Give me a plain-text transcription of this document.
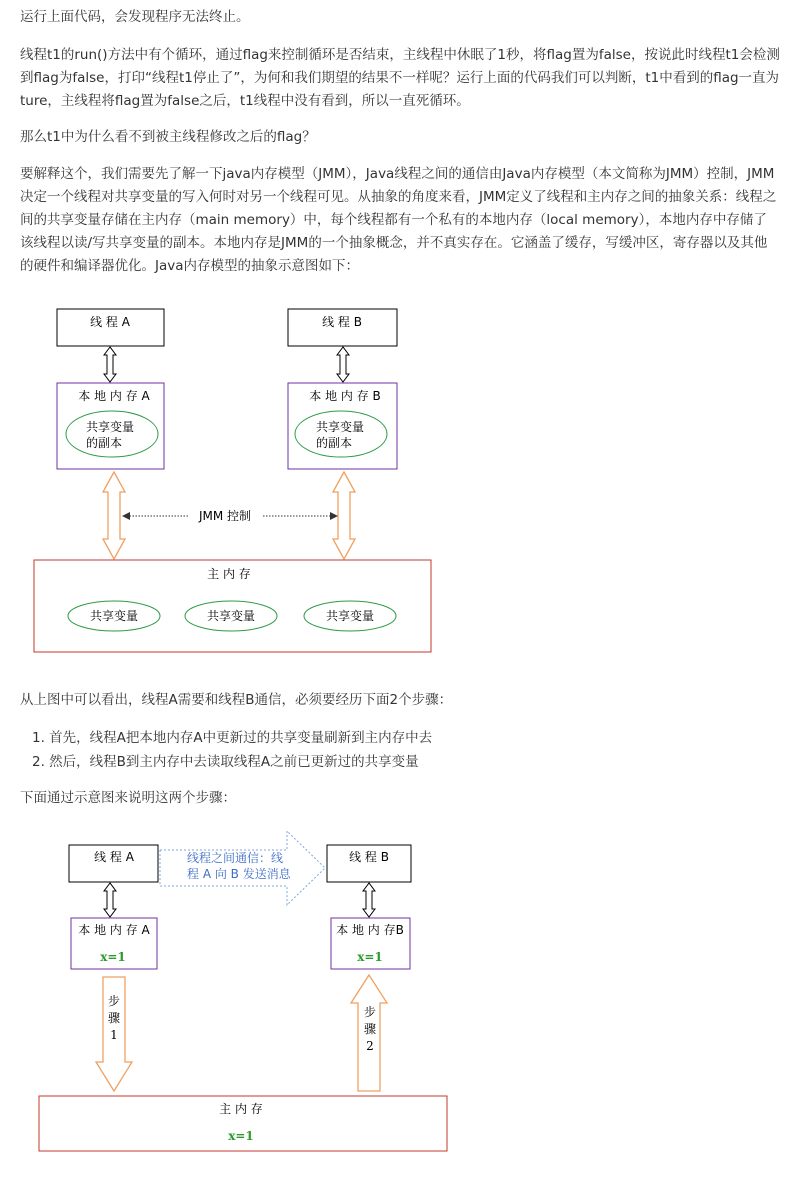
运行上面代码，会发现程序无法终止。

线程t1的run()方法中有个循环，通过flag来控制循环是否结束，主线程中休眠了1秒，将flag置为false，按说此时线程t1会检测到flag为false，打印“线程t1停止了”，为何和我们期望的结果不一样呢？运行上面的代码我们可以判断，t1中看到的flag一直为ture，主线程将flag置为false之后，t1线程中没有看到，所以一直死循环。

那么t1中为什么看不到被主线程修改之后的flag？

要解释这个，我们需要先了解一下java内存模型（JMM），Java线程之间的通信由Java内存模型（本文简称为JMM）控制，JMM决定一个线程对共享变量的写入何时对另一个线程可见。从抽象的角度来看，JMM定义了线程和主内存之间的抽象关系：线程之间的共享变量存储在主内存（main memory）中，每个线程都有一个私有的本地内存（local memory），本地内存中存储了该线程以读/写共享变量的副本。本地内存是JMM的一个抽象概念，并不真实存在。它涵盖了缓存，写缓冲区，寄存器以及其他的硬件和编译器优化。Java内存模型的抽象示意图如下：

线 程 A	线 程 B
本 地 内 存 A
共享变量
的副本
本 地 内 存 B
共享变量
的副本
JMM 控制
主 内 存
共享变量	共享变量	共享变量

从上图中可以看出，线程A需要和线程B通信，必须要经历下面2个步骤：

1. 首先，线程A把本地内存A中更新过的共享变量刷新到主内存中去
2. 然后，线程B到主内存中去读取线程A之前已更新过的共享变量

下面通过示意图来说明这两个步骤：

线 程 A	线 程 B
线程之间通信：线
程 A 向 B 发送消息
本 地 内 存 A
x=1
本 地 内 存B
x=1
步
骤
1
步
骤
2
主 内 存
x=1
